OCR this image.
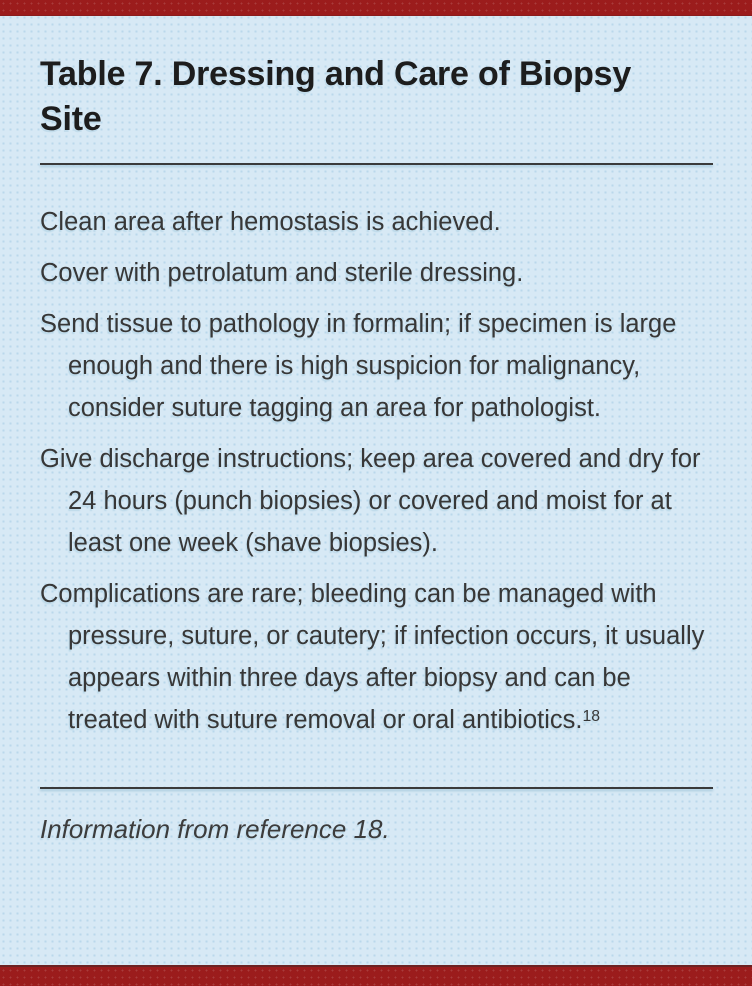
Table 7. Dressing and Care of Biopsy Site

Clean area after hemostasis is achieved.

Cover with petrolatum and sterile dressing.

Send tissue to pathology in formalin; if specimen is large enough and there is high suspicion for malignancy, consider suture tagging an area for pathologist.

Give discharge instructions; keep area covered and dry for 24 hours (punch biopsies) or covered and moist for at least one week (shave biopsies).

Complications are rare; bleeding can be managed with pressure, suture, or cautery; if infection occurs, it usually appears within three days after biopsy and can be treated with suture removal or oral antibiotics.$^{18}$

Information from reference 18.
